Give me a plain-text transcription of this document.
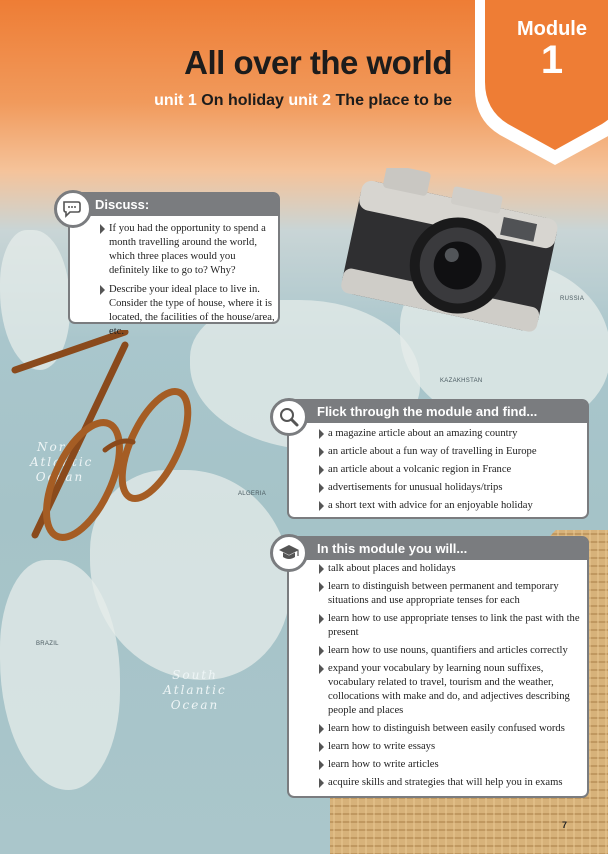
North Atlantic Ocean
South Atlantic Ocean
RUSSIA
BRAZIL
KAZAKHSTAN
ALGERIA
All over the world
unit 1 On holiday unit 2 The place to be
Module
1
Discuss:
If you had the opportunity to spend a month travelling around the world, which three places would you definitely like to go to? Why?
Describe your ideal place to live in. Consider the type of house, where it is located, the facilities of the house/area, etc.
Flick through the module and find...
a magazine article about an amazing country
an article about a fun way of travelling in Europe
an article about a volcanic region in France
advertisements for unusual holidays/trips
a short text with advice for an enjoyable holiday
In this module you will...
talk about places and holidays
learn to distinguish between permanent and temporary situations and use appropriate tenses for each
learn how to use appropriate tenses to link the past with the present
learn how to use nouns, quantifiers and articles correctly
expand your vocabulary by learning noun suffixes, vocabulary related to travel, tourism and the weather, collocations with make and do, and adjectives describing people and places
learn how to distinguish between easily confused words
learn how to write essays
learn how to write articles
acquire skills and strategies that will help you in exams
7
